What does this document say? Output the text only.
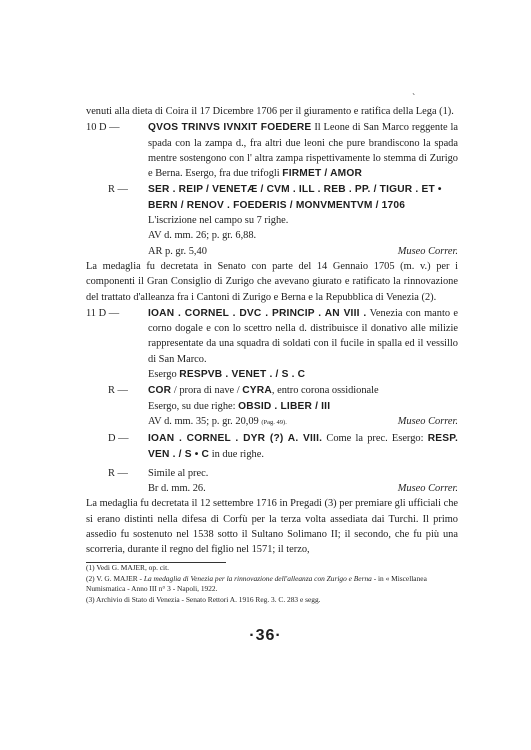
`

venuti alla dieta di Coira il 17 Dicembre 1706 per il giuramento e ratifica della Lega (1).

10 D —	QVOS TRINVS IVNXIT FOEDERE Il Leone di San Marco reggente la spada con la zampa d., fra altri due leoni che pure brandiscono la spada mentre sostengono con l' altra zampa rispettivamente lo stemma di Zurigo e Berna. Esergo, fra due trifogli FIRMET / AMOR
R — SER . REIP / VENETÆ / CVM . ILL . REB . PP. / TIGUR . ET • BERN / RENOV . FOEDERIS / MONVMENTVM / 1706
L'iscrizione nel campo su 7 righe.
AV d. mm. 26; p. gr. 6,88.
AR p. gr. 5,40	Museo Correr.

La medaglia fu decretata in Senato con parte del 14 Gennaio 1705 (m. v.) per i componenti il Gran Consiglio di Zurigo che avevano giurato e ratificato la rinnovazione del trattato d'alleanza fra i Cantoni di Zurigo e Berna e la Repubblica di Venezia (2).

11 D —	IOAN . CORNEL . DVC . PRINCIP . AN VIII . Venezia con manto e corno dogale e con lo scettro nella d. distribuisce il donativo alle milizie rappresentate da una squadra di soldati con il fucile in spalla ed il vessillo di San Marco.
Esergo RESPVB . VENET . / S . C
R — COR / prora di nave / CYRA, entro corona ossidionale
Esergo, su due righe: OBSID . LIBER / III
AV d. mm. 35; p. gr. 20,09 (Pag. 49).	Museo Correr.
D — IOAN . CORNEL . DYR (?) A. VIII. Come la prec. Esergo: RESP. VEN . / S • C in due righe.
R — Simile al prec.
Br d. mm. 26.	Museo Correr.

La medaglia fu decretata il 12 settembre 1716 in Pregadi (3) per premiare gli ufficiali che si erano distinti nella difesa di Corfù per la terza volta assediata dai Turchi. Il primo assedio fu sostenuto nel 1538 sotto il Sultano Solimano II; il secondo, che fu più una scorreria, durante il regno del figlio nel 1571; il terzo,

(1) Vedi G. MAJER, op. cit.

(2) V. G. MAJER - La medaglia di Venezia per la rinnovazione dell'alleanza con Zurigo e Berna - in « Miscellanea Numismatica - Anno III n° 3 - Napoli, 1922.

(3) Archivio di Stato di Venezia - Senato Rettori A. 1916 Reg. 3. C. 283 e segg.

·36·
